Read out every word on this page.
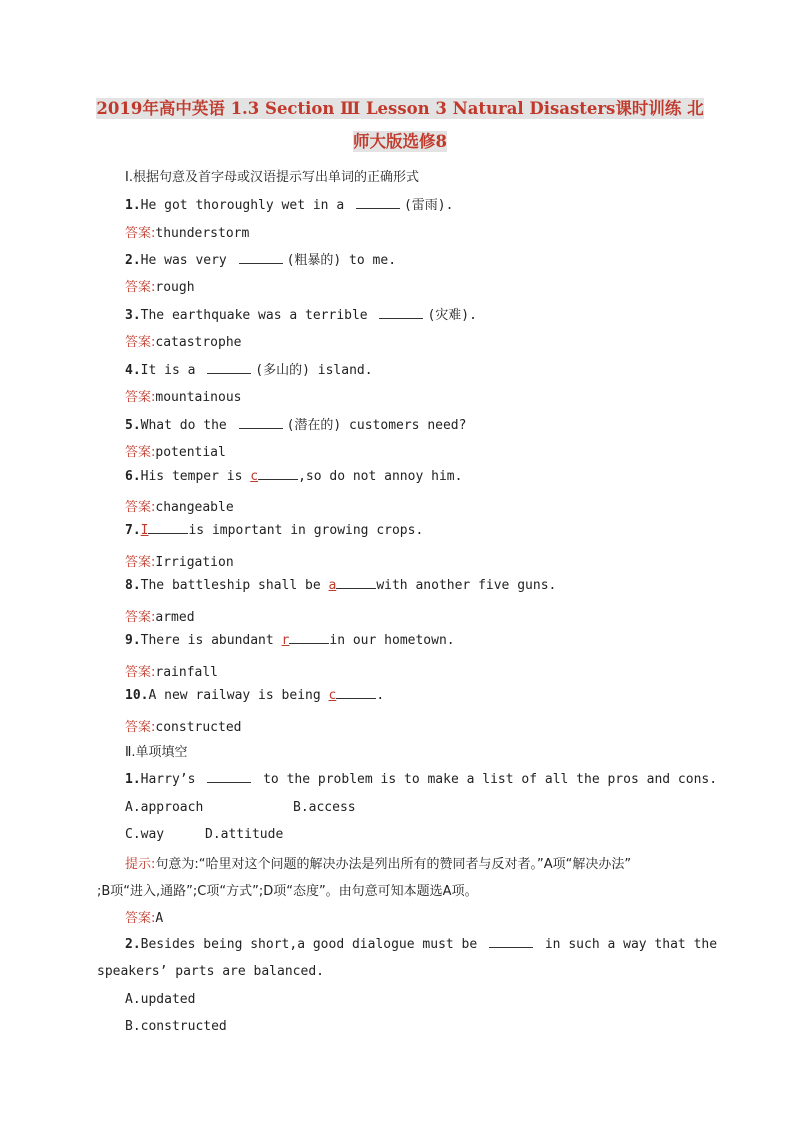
2019年高中英语 1.3 Section Ⅲ Lesson 3 Natural Disasters课时训练 北
师大版选修8
Ⅰ.根据句意及首字母或汉语提示写出单词的正确形式
1.He got thoroughly wet in a	(雷雨).
答案:thunderstorm
2.He was very	(粗暴的) to me.
答案:rough
3.The earthquake was a terrible	(灾难).
答案:catastrophe
4.It is a	(多山的) island.
答案:mountainous
5.What do the	(潜在的) customers need?
答案:potential
6.His temper is c	,so do not annoy him.
答案:changeable
7.I	is important in growing crops.
答案:Irrigation
8.The battleship shall be a	with another five guns.
答案:armed
9.There is abundant r	in our hometown.
答案:rainfall
10.A new railway is being c	.
答案:constructed
Ⅱ.单项填空
1.Harry’s	to the problem is to make a list of all the pros and cons.
A.approach	B.access
C.way	D.attitude
提示:句意为:“哈里对这个问题的解决办法是列出所有的赞同者与反对者。”A项“解决办法”
;B项“进入,通路”;C项“方式”;D项“态度”。由句意可知本题选A项。
答案:A
2.Besides being short,a good dialogue must be	in such a way that the
speakers’ parts are balanced.
A.updated
B.constructed
